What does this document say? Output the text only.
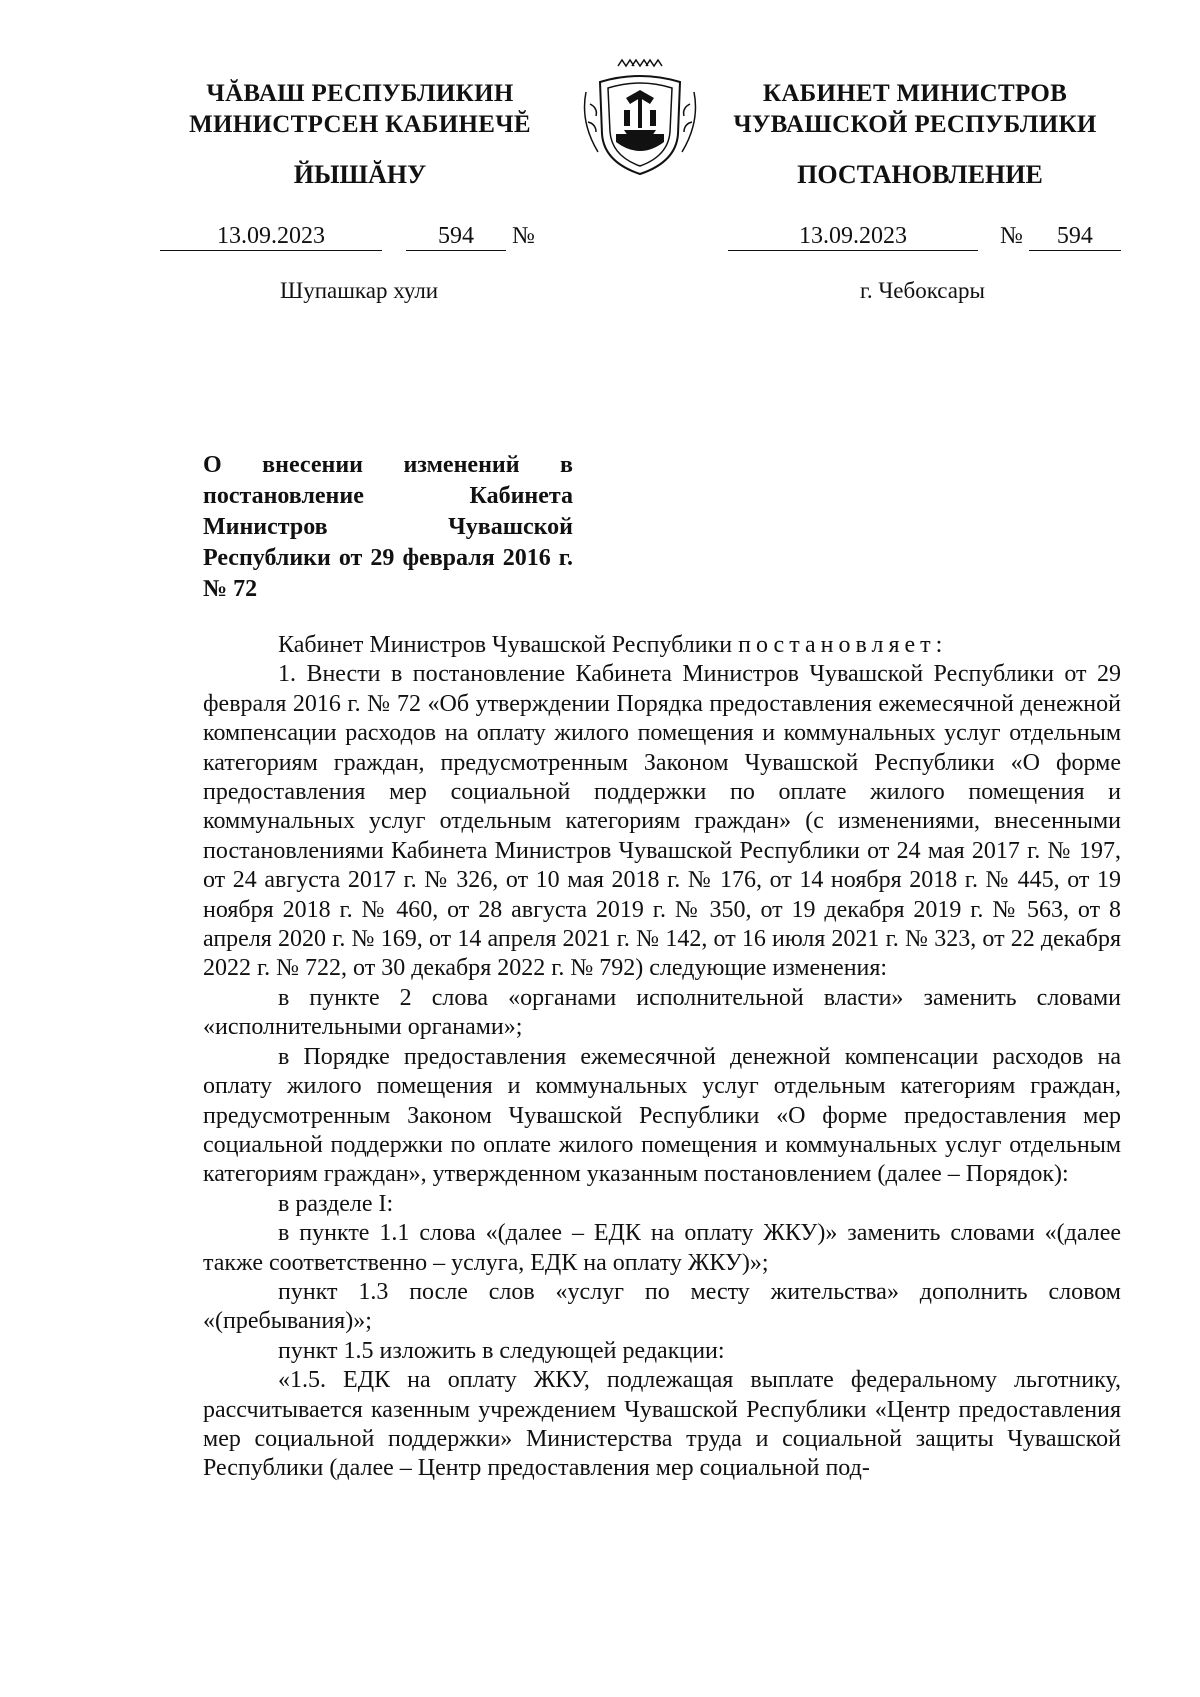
ЧĂВАШ РЕСПУБЛИКИН
МИНИСТРСЕН КАБИНЕЧĔ
ЙЫШĂНУ
КАБИНЕТ МИНИСТРОВ
ЧУВАШСКОЙ РЕСПУБЛИКИ
ПОСТАНОВЛЕНИЕ
13.09.2023	594 №	13.09.2023	№ 594
Шупашкар хули	г. Чебоксары
О внесении изменений в постановление Кабинета Министров Чувашской Республики от 29 февраля 2016 г. № 72

Кабинет Министров Чувашской Республики постановляет:

1. Внести в постановление Кабинета Министров Чувашской Республики от 29 февраля 2016 г. № 72 «Об утверждении Порядка предоставления ежемесячной денежной компенсации расходов на оплату жилого помещения и коммунальных услуг отдельным категориям граждан, предусмотренным Законом Чувашской Республики «О форме предоставления мер социальной поддержки по оплате жилого помещения и коммунальных услуг отдельным категориям граждан» (с изменениями, внесенными постановлениями Кабинета Министров Чувашской Республики от 24 мая 2017 г. № 197, от 24 августа 2017 г. № 326, от 10 мая 2018 г. № 176, от 14 ноября 2018 г. № 445, от 19 ноября 2018 г. № 460, от 28 августа 2019 г. № 350, от 19 декабря 2019 г. № 563, от 8 апреля 2020 г. № 169, от 14 апреля 2021 г. № 142, от 16 июля 2021 г. № 323, от 22 декабря 2022 г. № 722, от 30 декабря 2022 г. № 792) следующие изменения:

в пункте 2 слова «органами исполнительной власти» заменить словами «исполнительными органами»;

в Порядке предоставления ежемесячной денежной компенсации расходов на оплату жилого помещения и коммунальных услуг отдельным категориям граждан, предусмотренным Законом Чувашской Республики «О форме предоставления мер социальной поддержки по оплате жилого помещения и коммунальных услуг отдельным категориям граждан», утвержденном указанным постановлением (далее – Порядок):

в разделе I:

в пункте 1.1 слова «(далее – ЕДК на оплату ЖКУ)» заменить словами «(далее также соответственно – услуга, ЕДК на оплату ЖКУ)»;

пункт 1.3 после слов «услуг по месту жительства» дополнить словом «(пребывания)»;

пункт 1.5 изложить в следующей редакции:

«1.5. ЕДК на оплату ЖКУ, подлежащая выплате федеральному льготнику, рассчитывается казенным учреждением Чувашской Республики «Центр предоставления мер социальной поддержки» Министерства труда и социальной защиты Чувашской Республики (далее – Центр предоставления мер социальной под-
